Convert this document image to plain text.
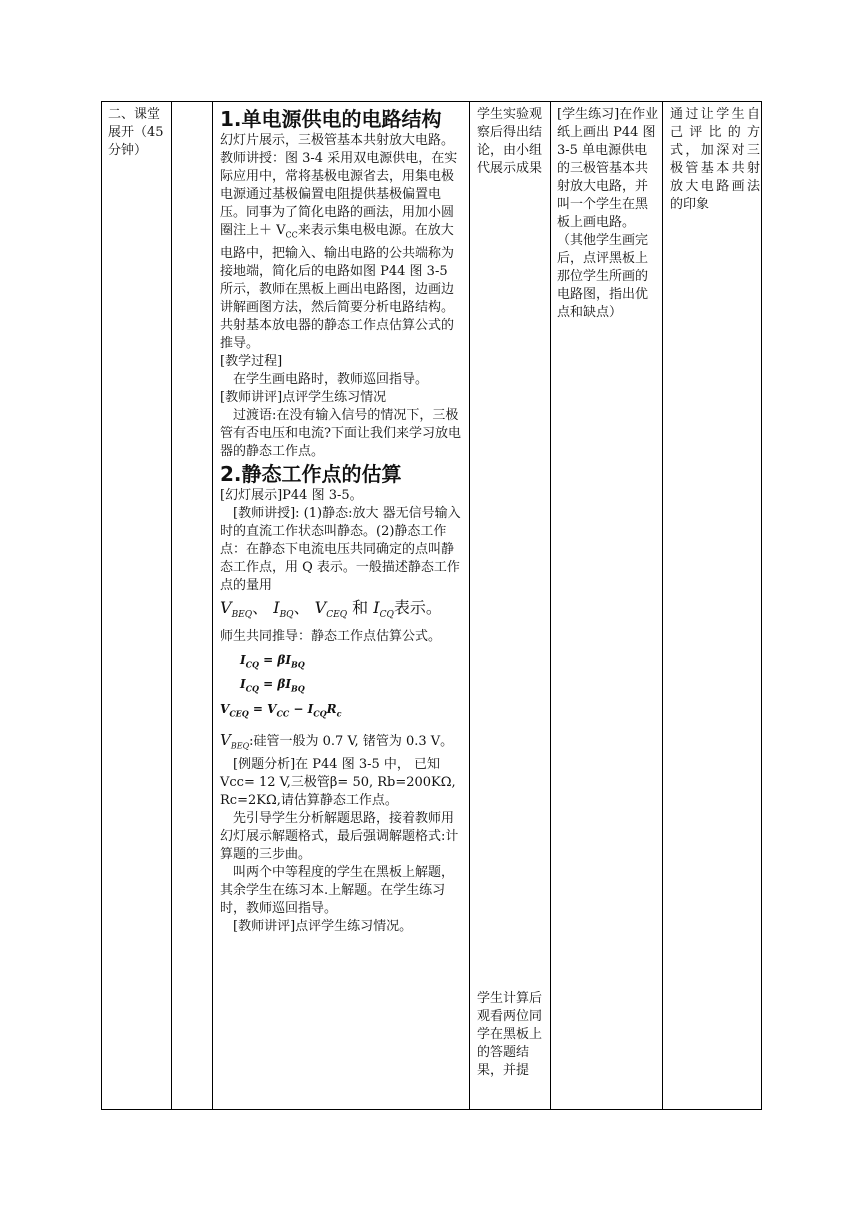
二、课堂展开（45分钟）

1.单电源供电的电路结构

幻灯片展示，三极管基本共射放大电路。

教师讲授：图 3-4 采用双电源供电，在实际应用中，常将基极电源省去，用集电极电源通过基极偏置电阻提供基极偏置电压。同事为了简化电路的画法，用加小圆圈注上＋ $V_{CC}$来表示集电极电源。在放大电路中，把输入、输出电路的公共端称为接地端，简化后的电路如图 P44 图 3-5 所示，教师在黑板上画出电路图，边画边讲解画图方法，然后简要分析电路结构。

共射基本放电器的静态工作点估算公式的推导。

[教学过程]

在学生画电路时，教师巡回指导。

[教师讲评]点评学生练习情况

过渡语:在没有输入信号的情况下，三极管有否电压和电流?下面让我们来学习放电器的静态工作点。

2.静态工作点的估算

[幻灯展示]P44 图 3-5。

[教师讲授]: (1)静态:放大 器无信号输入时的直流工作状态叫静态。(2)静态工作点：在静态下电流电压共同确定的点叫静态工作点，用 Q 表示。一般描述静态工作点的量用

$V_{BEQ}$、 $I_{BQ}$、 $V_{CEQ}$ 和 $I_{CQ}$表示。

师生共同推导：静态工作点估算公式。

$I_{CQ} = \beta I_{BQ}$
$I_{CQ} = \beta I_{BQ}$
$V_{CEQ} = V_{CC} - I_{CQ}R_c$

$V_{BEQ}$:硅管一般为 0.7 V, 锗管为 0.3 V。

[例题分析]在 P44 图 3-5 中， 已知 Vcc= 12 V,三极管β= 50, Rb=200KΩ, Rc=2KΩ,请估算静态工作点。

先引导学生分析解题思路，接着教师用幻灯展示解题格式，最后强调解题格式:计算题的三步曲。

叫两个中等程度的学生在黑板上解题，其余学生在练习本.上解题。在学生练习时，教师巡回指导。

[教师讲评]点评学生练习情况。

学生实验观察后得出结论，由小组代展示成果

学生计算后观看两位同学在黑板上的答题结果，并提

[学生练习]在作业纸上画出 P44 图 3-5 单电源供电的三极管基本共射放大电路，并叫一个学生在黑板上画电路。

（其他学生画完后，点评黑板上那位学生所画的电路图，指出优点和缺点）

通过让学生自己评比的方式，加深对三极管基本共射放大电路画法的印象
